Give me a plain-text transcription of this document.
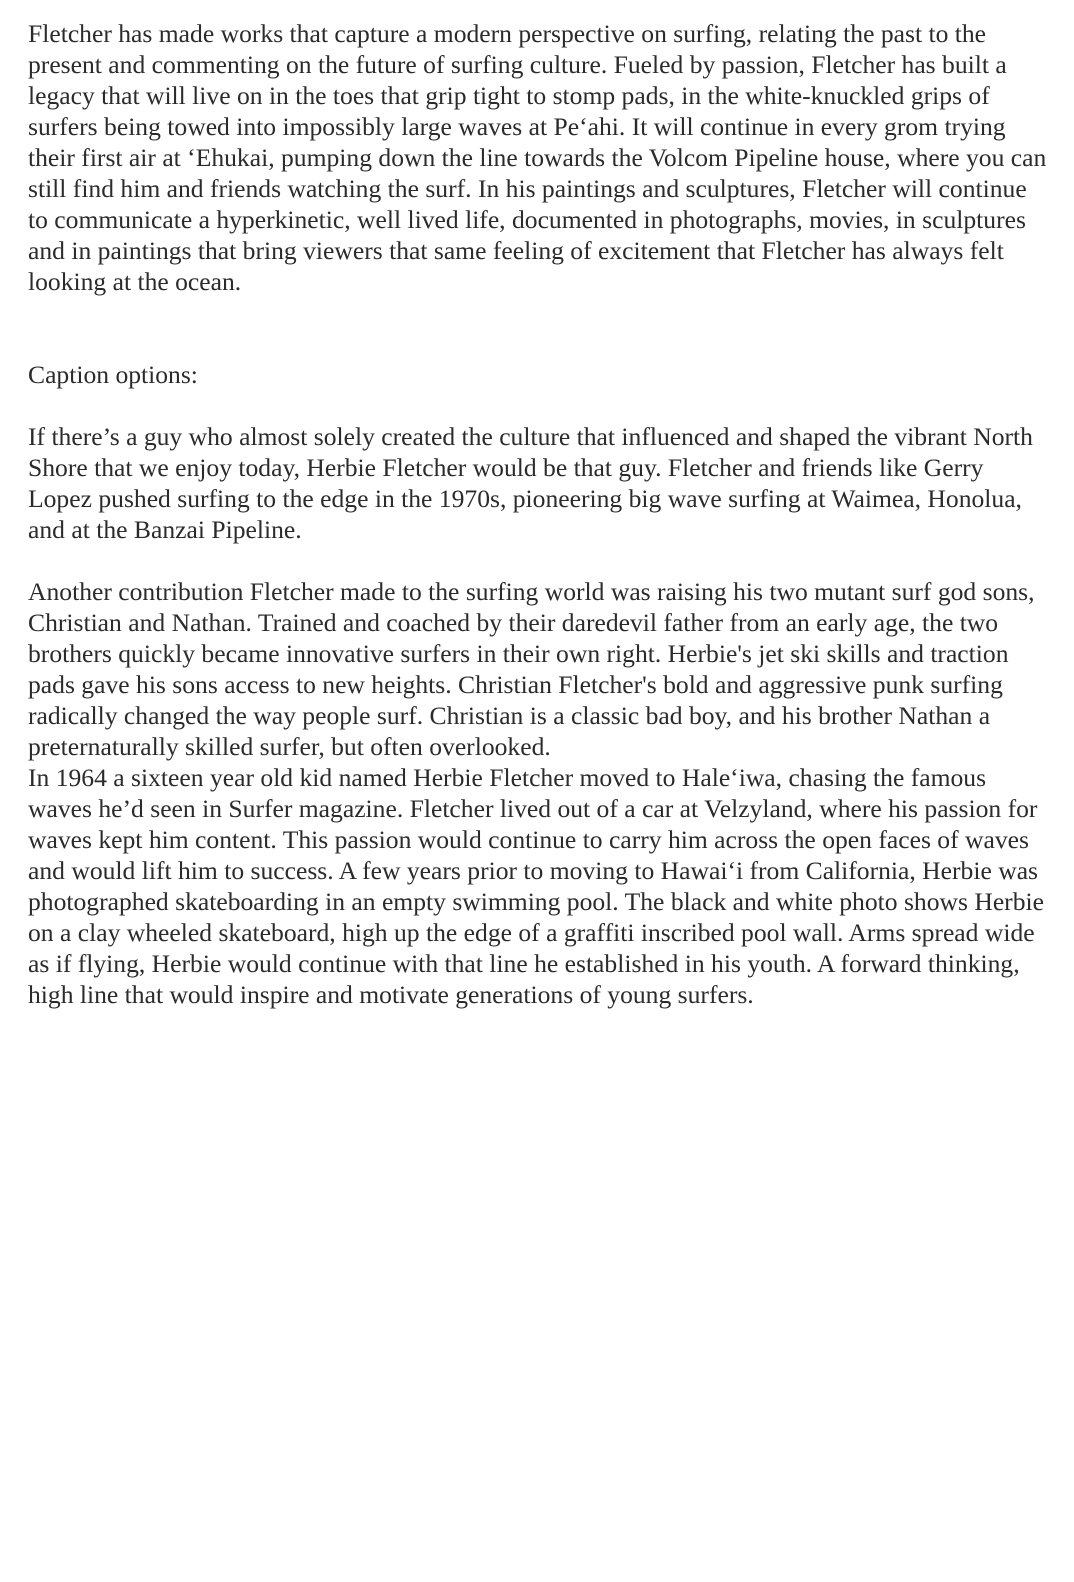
Fletcher has made works that capture a modern perspective on surfing, relating the past to the present and commenting on the future of surfing culture. Fueled by passion, Fletcher has built a legacy that will live on in the toes that grip tight to stomp pads, in the white-knuckled grips of surfers being towed into impossibly large waves at Pe‘ahi. It will continue in every grom trying their first air at ‘Ehukai, pumping down the line towards the Volcom Pipeline house, where you can still find him and friends watching the surf. In his paintings and sculptures, Fletcher will continue to communicate a hyperkinetic, well lived life, documented in photographs, movies, in sculptures and in paintings that bring viewers that same feeling of excitement that Fletcher has always felt looking at the ocean.

Caption options:

If there’s a guy who almost solely created the culture that influenced and shaped the vibrant North Shore that we enjoy today, Herbie Fletcher would be that guy. Fletcher and friends like Gerry Lopez pushed surfing to the edge in the 1970s, pioneering big wave surfing at Waimea, Honolua, and at the Banzai Pipeline.

Another contribution Fletcher made to the surfing world was raising his two mutant surf god sons, Christian and Nathan. Trained and coached by their daredevil father from an early age, the two brothers quickly became innovative surfers in their own right. Herbie's jet ski skills and traction pads gave his sons access to new heights. Christian Fletcher's bold and aggressive punk surfing radically changed the way people surf. Christian is a classic bad boy, and his brother Nathan a preternaturally skilled surfer, but often overlooked.

In 1964 a sixteen year old kid named Herbie Fletcher moved to Hale‘iwa, chasing the famous waves he’d seen in Surfer magazine. Fletcher lived out of a car at Velzyland, where his passion for waves kept him content. This passion would continue to carry him across the open faces of waves and would lift him to success. A few years prior to moving to Hawai‘i from California, Herbie was photographed skateboarding in an empty swimming pool. The black and white photo shows Herbie on a clay wheeled skateboard, high up the edge of a graffiti inscribed pool wall. Arms spread wide as if flying, Herbie would continue with that line he established in his youth. A forward thinking, high line that would inspire and motivate generations of young surfers.
